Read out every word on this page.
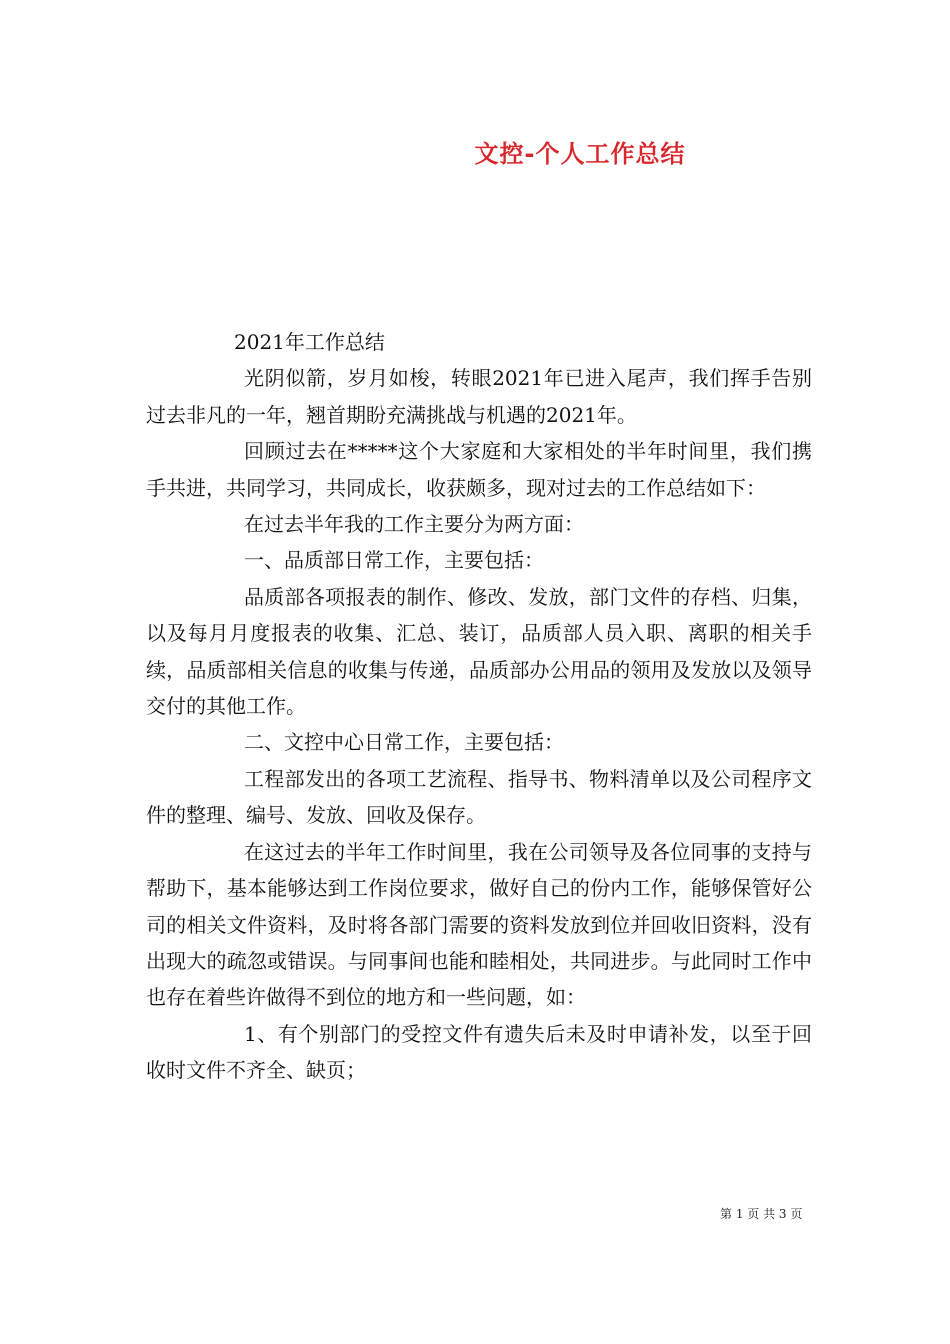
文控-个人工作总结

2021年工作总结

光阴似箭，岁月如梭，转眼2021年已进入尾声，我们挥手告别过去非凡的一年，翘首期盼充满挑战与机遇的2021年。

回顾过去在*****这个大家庭和大家相处的半年时间里，我们携手共进，共同学习，共同成长，收获颇多，现对过去的工作总结如下：

在过去半年我的工作主要分为两方面：

一、品质部日常工作，主要包括：

品质部各项报表的制作、修改、发放，部门文件的存档、归集，以及每月月度报表的收集、汇总、装订，品质部人员入职、离职的相关手续，品质部相关信息的收集与传递，品质部办公用品的领用及发放以及领导交付的其他工作。

二、文控中心日常工作，主要包括：

工程部发出的各项工艺流程、指导书、物料清单以及公司程序文件的整理、编号、发放、回收及保存。

在这过去的半年工作时间里，我在公司领导及各位同事的支持与帮助下，基本能够达到工作岗位要求，做好自己的份内工作，能够保管好公司的相关文件资料，及时将各部门需要的资料发放到位并回收旧资料，没有出现大的疏忽或错误。与同事间也能和睦相处，共同进步。与此同时工作中也存在着些许做得不到位的地方和一些问题，如：

1、有个别部门的受控文件有遗失后未及时申请补发，以至于回收时文件不齐全、缺页；

第 1 页 共 3 页
